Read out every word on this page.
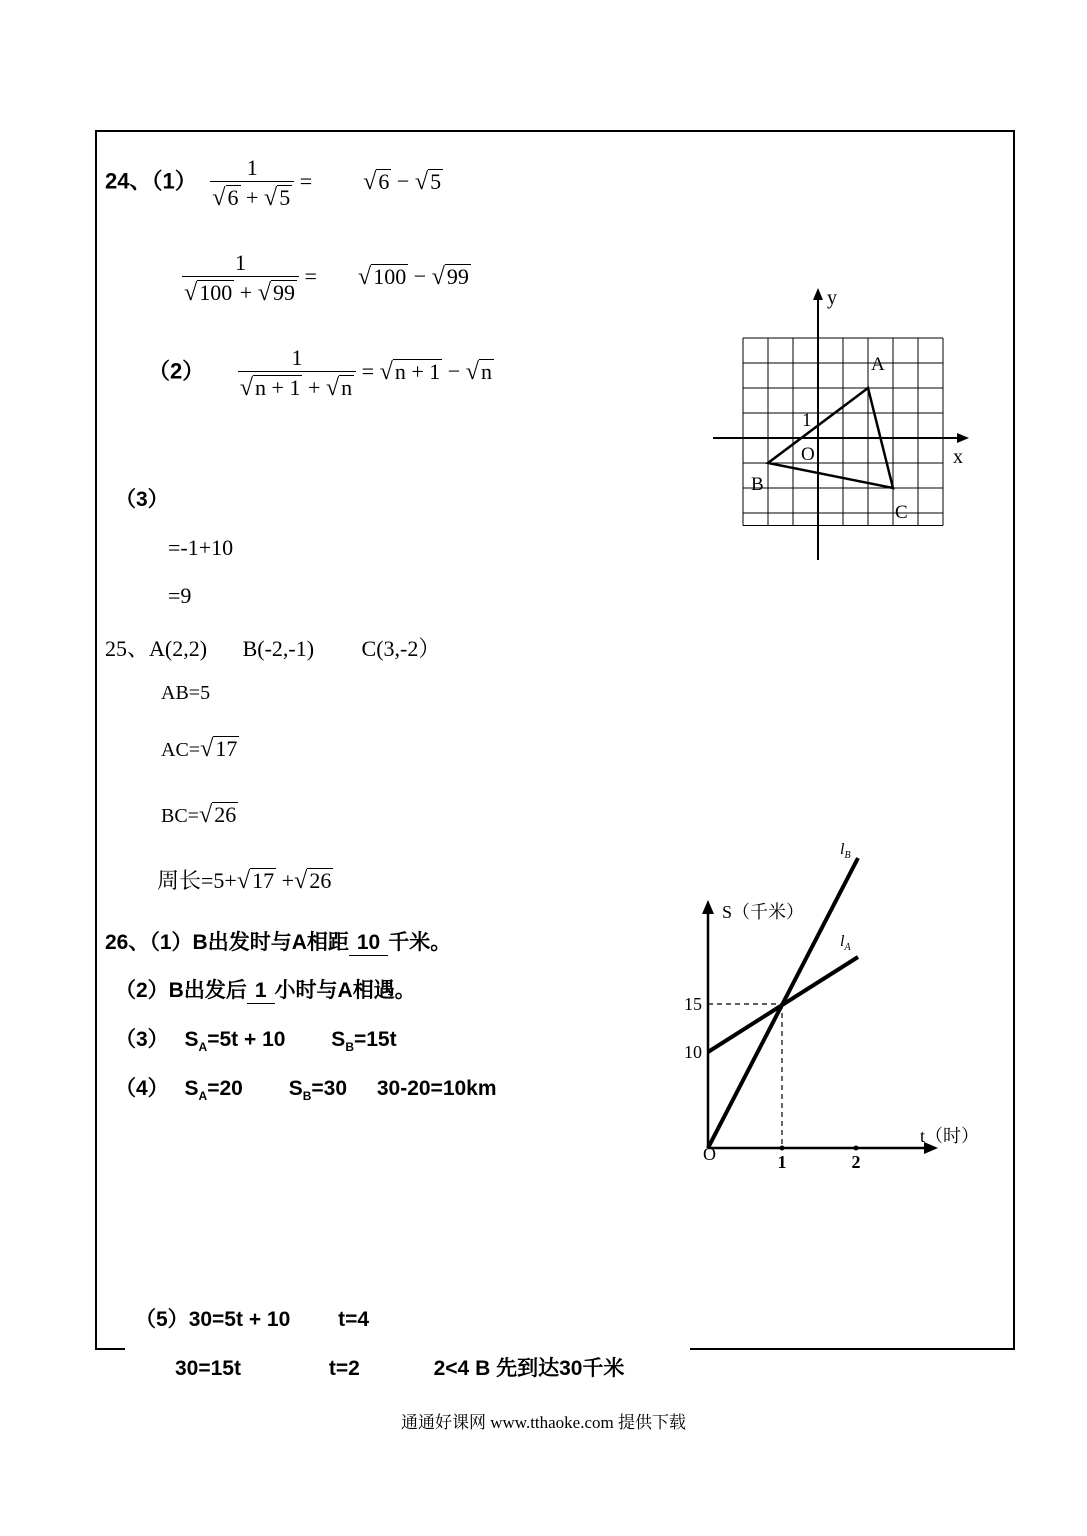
24、$(1) \frac{1}{√6 + √5} = √6 - √5$
$\frac{1}{√100 + √99} = √100 - √99$
$(2) \frac{1}{√n + 1 + √n} = √n + 1 - √n$
（3）
=-1+10
=9
y
x
O
1
A
B
C
25、A(2,2) B(-2,-1) C(3,-2）
AB=5
AC=√17
BC=√26
周长=5+√17 +√26
26、（1）B出发时与A相距 10 千米。
（2）B出发后 1 小时与A相遇。
（3） $S_A=5t + 10$ $S_B=15t$
（4） $S_A=20$ $S_B=30$ 30-20=10km
（5）30=5t + 10 t=4
30=15t	t=2	2<4 B 先到达30千米
S（千米）
t（时）
O	1	2
10
15
$l_B$
$l_A$
通通好课网 www.tthaoke.com 提供下载
